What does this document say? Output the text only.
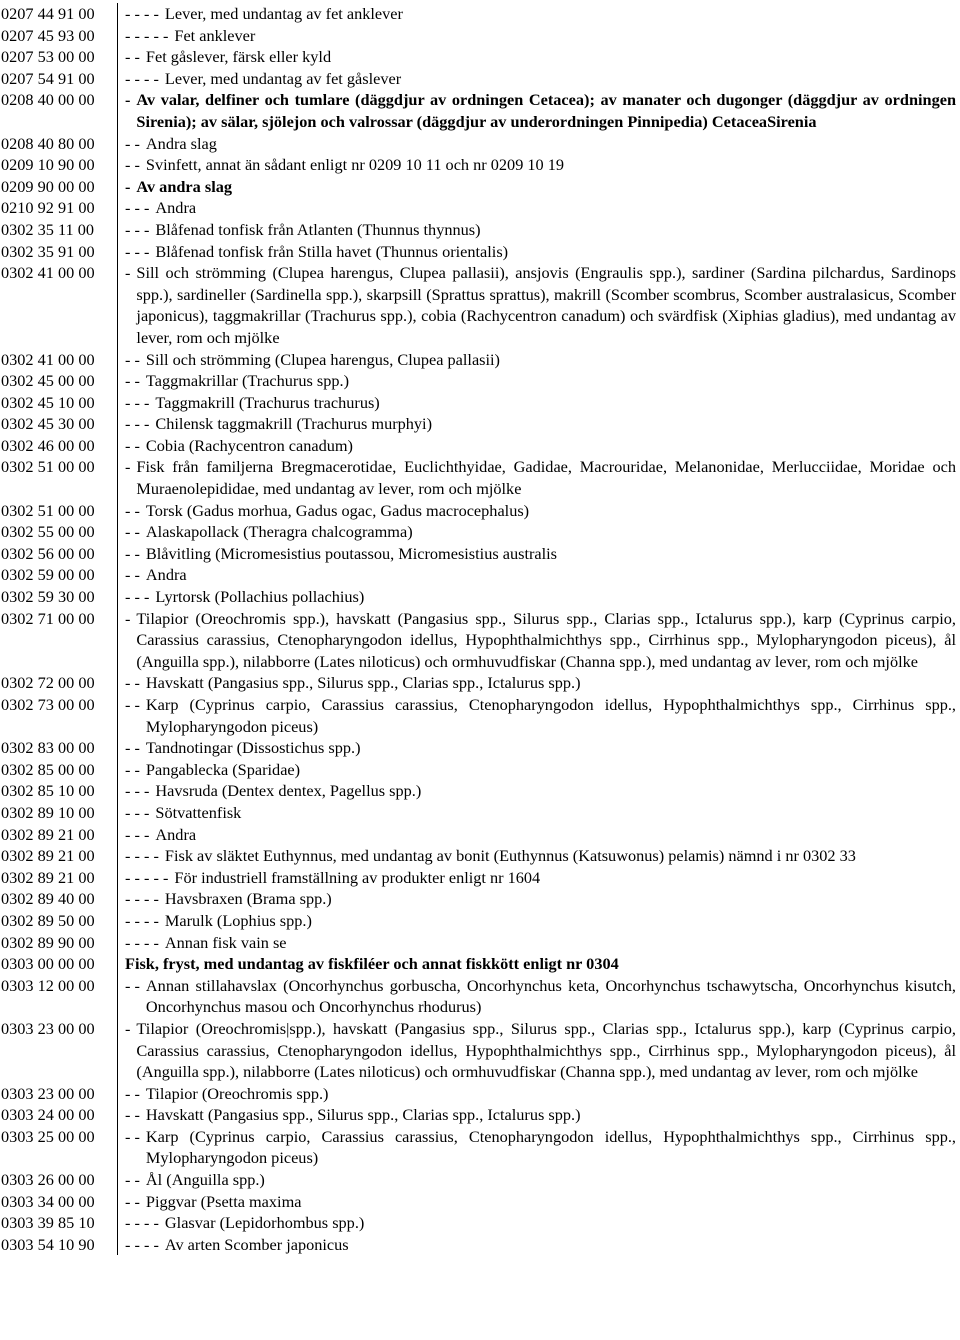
0207 44 91 00	- - - - Lever, med undantag av fet anklever
0207 45 93 00	- - - - - Fet anklever
0207 53 00 00	- - Fet gåslever, färsk eller kyld
0207 54 91 00	- - - - Lever, med undantag av fet gåslever
0208 40 00 00	- Av valar, delfiner och tumlare (däggdjur av ordningen Cetacea); av manater och dugonger (däggdjur av ordningen Sirenia); av sälar, sjölejon och valrossar (däggdjur av underordningen Pinnipedia) CetaceaSirenia
0208 40 80 00	- - Andra slag
0209 10 90 00	- - Svinfett, annat än sådant enligt nr 0209 10 11 och nr 0209 10 19
0209 90 00 00	- Av andra slag
0210 92 91 00	- - - Andra
0302 35 11 00	- - - Blåfenad tonfisk från Atlanten (Thunnus thynnus)
0302 35 91 00	- - - Blåfenad tonfisk från Stilla havet (Thunnus orientalis)
0302 41 00 00	- Sill och strömming (Clupea harengus, Clupea pallasii), ansjovis (Engraulis spp.), sardiner (Sardina pilchardus, Sardinops spp.), sardineller (Sardinella spp.), skarpsill (Sprattus sprattus), makrill (Scomber scombrus, Scomber australasicus, Scomber japonicus), taggmakrillar (Trachurus spp.), cobia (Rachycentron canadum) och svärdfisk (Xiphias gladius), med undantag av lever, rom och mjölke
0302 41 00 00	- - Sill och strömming (Clupea harengus, Clupea pallasii)
0302 45 00 00	- - Taggmakrillar (Trachurus spp.)
0302 45 10 00	- - - Taggmakrill (Trachurus trachurus)
0302 45 30 00	- - - Chilensk taggmakrill (Trachurus murphyi)
0302 46 00 00	- - Cobia (Rachycentron canadum)
0302 51 00 00	- Fisk från familjerna Bregmacerotidae, Euclichthyidae, Gadidae, Macrouridae, Melanonidae, Merlucciidae, Moridae och Muraenolepididae, med undantag av lever, rom och mjölke
0302 51 00 00	- - Torsk (Gadus morhua, Gadus ogac, Gadus macrocephalus)
0302 55 00 00	- - Alaskapollack (Theragra chalcogramma)
0302 56 00 00	- - Blåvitling (Micromesistius poutassou, Micromesistius australis
0302 59 00 00	- - Andra
0302 59 30 00	- - - Lyrtorsk (Pollachius pollachius)
0302 71 00 00	- Tilapior (Oreochromis spp.), havskatt (Pangasius spp., Silurus spp., Clarias spp., Ictalurus spp.), karp (Cyprinus carpio, Carassius carassius, Ctenopharyngodon idellus, Hypophthalmichthys spp., Cirrhinus spp., Mylopharyngodon piceus), ål (Anguilla spp.), nilabborre (Lates niloticus) och ormhuvudfiskar (Channa spp.), med undantag av lever, rom och mjölke
0302 72 00 00	- - Havskatt (Pangasius spp., Silurus spp., Clarias spp., Ictalurus spp.)
0302 73 00 00	- - Karp (Cyprinus carpio, Carassius carassius, Ctenopharyngodon idellus, Hypophthalmichthys spp., Cirrhinus spp., Mylopharyngodon piceus)
0302 83 00 00	- - Tandnotingar (Dissostichus spp.)
0302 85 00 00	- - Pangablecka (Sparidae)
0302 85 10 00	- - - Havsruda (Dentex dentex, Pagellus spp.)
0302 89 10 00	- - - Sötvattenfisk
0302 89 21 00	- - - Andra
0302 89 21 00	- - - - Fisk av släktet Euthynnus, med undantag av bonit (Euthynnus (Katsuwonus) pelamis) nämnd i nr 0302 33
0302 89 21 00	- - - - - För industriell framställning av produkter enligt nr 1604
0302 89 40 00	- - - - Havsbraxen (Brama spp.)
0302 89 50 00	- - - - Marulk (Lophius spp.)
0302 89 90 00	- - - - Annan fisk vain se
0303 00 00 00	Fisk, fryst, med undantag av fiskfiléer och annat fiskkött enligt nr 0304
0303 12 00 00	- - Annan stillahavslax (Oncorhynchus gorbuscha, Oncorhynchus keta, Oncorhynchus tschawytscha, Oncorhynchus kisutch, Oncorhynchus masou och Oncorhynchus rhodurus)
0303 23 00 00	- Tilapior (Oreochromis|spp.), havskatt (Pangasius spp., Silurus spp., Clarias spp., Ictalurus spp.), karp (Cyprinus carpio, Carassius carassius, Ctenopharyngodon idellus, Hypophthalmichthys spp., Cirrhinus spp., Mylopharyngodon piceus), ål (Anguilla spp.), nilabborre (Lates niloticus) och ormhuvudfiskar (Channa spp.), med undantag av lever, rom och mjölke
0303 23 00 00	- - Tilapior (Oreochromis spp.)
0303 24 00 00	- - Havskatt (Pangasius spp., Silurus spp., Clarias spp., Ictalurus spp.)
0303 25 00 00	- - Karp (Cyprinus carpio, Carassius carassius, Ctenopharyngodon idellus, Hypophthalmichthys spp., Cirrhinus spp., Mylopharyngodon piceus)
0303 26 00 00	- - Ål (Anguilla spp.)
0303 34 00 00	- - Piggvar (Psetta maxima
0303 39 85 10	- - - - Glasvar (Lepidorhombus spp.)
0303 54 10 90	- - - - Av arten Scomber japonicus
